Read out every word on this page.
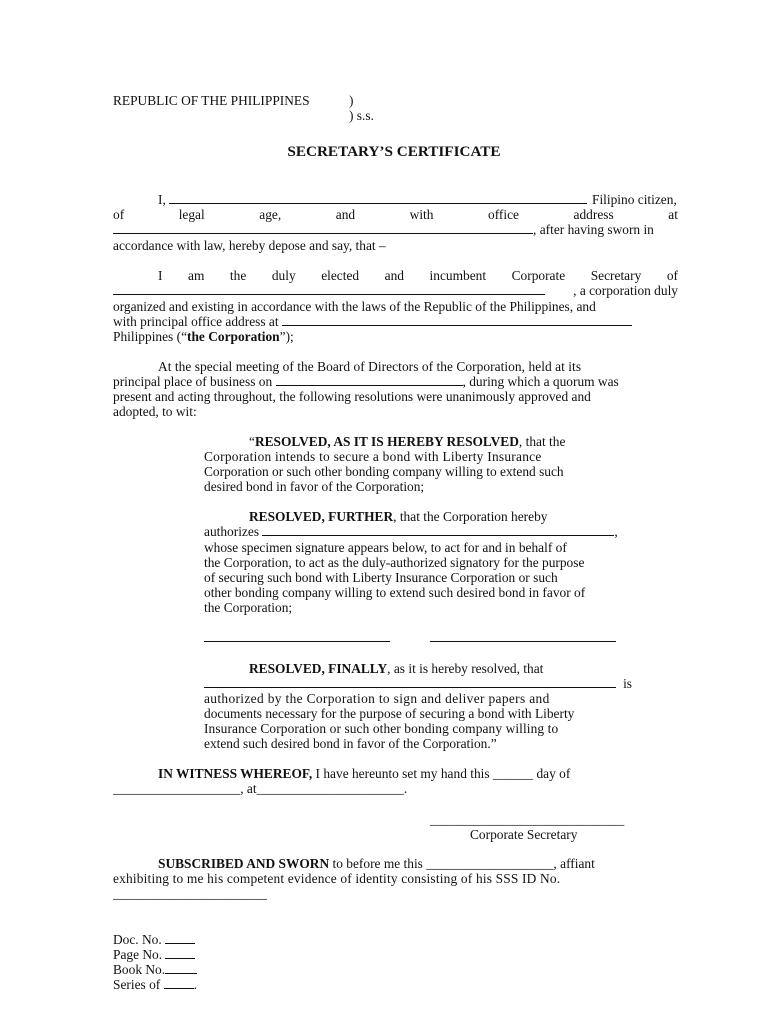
REPUBLIC OF THE PHILIPPINES	)
) s.s.
SECRETARY’S CERTIFICATE
I,	Filipino citizen,
of	legal	age,	and	with	office	address	at
, after having sworn in
accordance with law, hereby depose and say, that –
I am the duly elected and incumbent Corporate Secretary of
, a corporation duly
organized and existing in accordance with the laws of the Republic of the Philippines, and
with principal office address at
Philippines (“the Corporation”);
At the special meeting of the Board of Directors of the Corporation, held at its
principal place of business on	, during which a quorum was
present and acting throughout, the following resolutions were unanimously approved and
adopted, to wit:
“RESOLVED, AS IT IS HEREBY RESOLVED, that the
Corporation intends to secure a bond with Liberty Insurance
Corporation or such other bonding company willing to extend such
desired bond in favor of the Corporation;
RESOLVED, FURTHER, that the Corporation hereby
authorizes	,
whose specimen signature appears below, to act for and in behalf of
the Corporation, to act as the duly-authorized signatory for the purpose
of securing such bond with Liberty Insurance Corporation or such
other bonding company willing to extend such desired bond in favor of
the Corporation;
RESOLVED, FINALLY, as it is hereby resolved, that
is
authorized by the Corporation to sign and deliver papers and
documents necessary for the purpose of securing a bond with Liberty
Insurance Corporation or such other bonding company willing to
extend such desired bond in favor of the Corporation.”
IN WITNESS WHEREOF, I have hereunto set my hand this ______ day of
___________________, at______________________.
_____________________________
Corporate Secretary
SUBSCRIBED AND SWORN to before me this ___________________, affiant
exhibiting to me his competent evidence of identity consisting of his SSS ID No.
_______________________
Doc. No.
Page No.
Book No.
Series of .
